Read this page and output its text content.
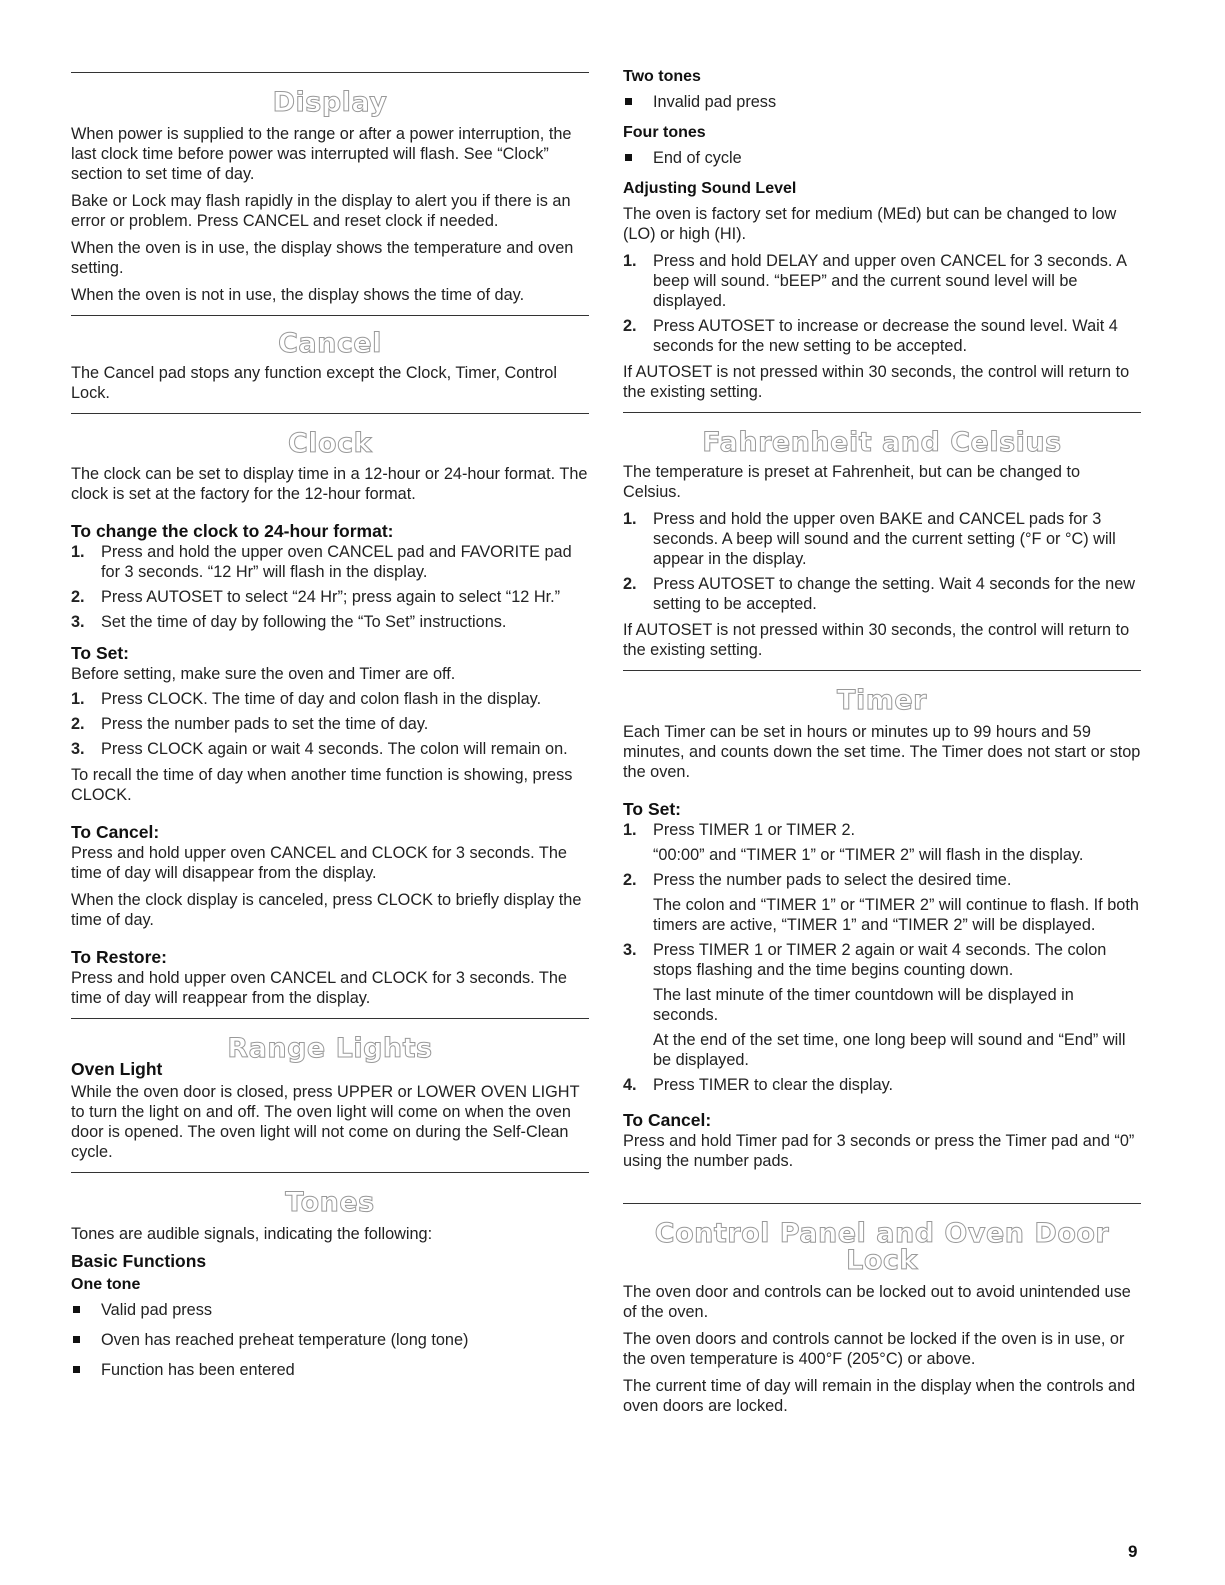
Display

When power is supplied to the range or after a power interruption, the last clock time before power was interrupted will flash. See “Clock” section to set time of day.

Bake or Lock may flash rapidly in the display to alert you if there is an error or problem. Press CANCEL and reset clock if needed.

When the oven is in use, the display shows the temperature and oven setting.

When the oven is not in use, the display shows the time of day.

Cancel

The Cancel pad stops any function except the Clock, Timer, Control Lock.

Clock

The clock can be set to display time in a 12-hour or 24-hour format. The clock is set at the factory for the 12-hour format.

To change the clock to 24-hour format:
1. Press and hold the upper oven CANCEL pad and FAVORITE pad for 3 seconds. “12 Hr” will flash in the display.
2. Press AUTOSET to select “24 Hr”; press again to select “12 Hr.”
3. Set the time of day by following the “To Set” instructions.
To Set:

Before setting, make sure the oven and Timer are off.

1. Press CLOCK. The time of day and colon flash in the display.
2. Press the number pads to set the time of day.
3. Press CLOCK again or wait 4 seconds. The colon will remain on.

To recall the time of day when another time function is showing, press CLOCK.

To Cancel:

Press and hold upper oven CANCEL and CLOCK for 3 seconds. The time of day will disappear from the display.

When the clock display is canceled, press CLOCK to briefly display the time of day.

To Restore:

Press and hold upper oven CANCEL and CLOCK for 3 seconds. The time of day will reappear from the display.

Range Lights
Oven Light

While the oven door is closed, press UPPER or LOWER OVEN LIGHT to turn the light on and off. The oven light will come on when the oven door is opened. The oven light will not come on during the Self-Clean cycle.

Tones

Tones are audible signals, indicating the following:

Basic Functions
One tone
Valid pad press
Oven has reached preheat temperature (long tone)
Function has been entered
Two tones
Invalid pad press
Four tones
End of cycle
Adjusting Sound Level

The oven is factory set for medium (MEd) but can be changed to low (LO) or high (HI).

1. Press and hold DELAY and upper oven CANCEL for 3 seconds. A beep will sound. “bEEP” and the current sound level will be displayed.
2. Press AUTOSET to increase or decrease the sound level. Wait 4 seconds for the new setting to be accepted.

If AUTOSET is not pressed within 30 seconds, the control will return to the existing setting.

Fahrenheit and Celsius

The temperature is preset at Fahrenheit, but can be changed to Celsius.

1. Press and hold the upper oven BAKE and CANCEL pads for 3 seconds. A beep will sound and the current setting (°F or °C) will appear in the display.
2. Press AUTOSET to change the setting. Wait 4 seconds for the new setting to be accepted.

If AUTOSET is not pressed within 30 seconds, the control will return to the existing setting.

Timer

Each Timer can be set in hours or minutes up to 99 hours and 59 minutes, and counts down the set time. The Timer does not start or stop the oven.

To Set:
1. Press TIMER 1 or TIMER 2.

“00:00” and “TIMER 1” or “TIMER 2” will flash in the display.

2. Press the number pads to select the desired time.

The colon and “TIMER 1” or “TIMER 2” will continue to flash. If both timers are active, “TIMER 1” and “TIMER 2” will be displayed.

3. Press TIMER 1 or TIMER 2 again or wait 4 seconds. The colon stops flashing and the time begins counting down.

The last minute of the timer countdown will be displayed in seconds.

At the end of the set time, one long beep will sound and “End” will be displayed.

4. Press TIMER to clear the display.
To Cancel:

Press and hold Timer pad for 3 seconds or press the Timer pad and “0” using the number pads.

Control Panel and Oven Door Lock

The oven door and controls can be locked out to avoid unintended use of the oven.

The oven doors and controls cannot be locked if the oven is in use, or the oven temperature is 400°F (205°C) or above.

The current time of day will remain in the display when the controls and oven doors are locked.

9
